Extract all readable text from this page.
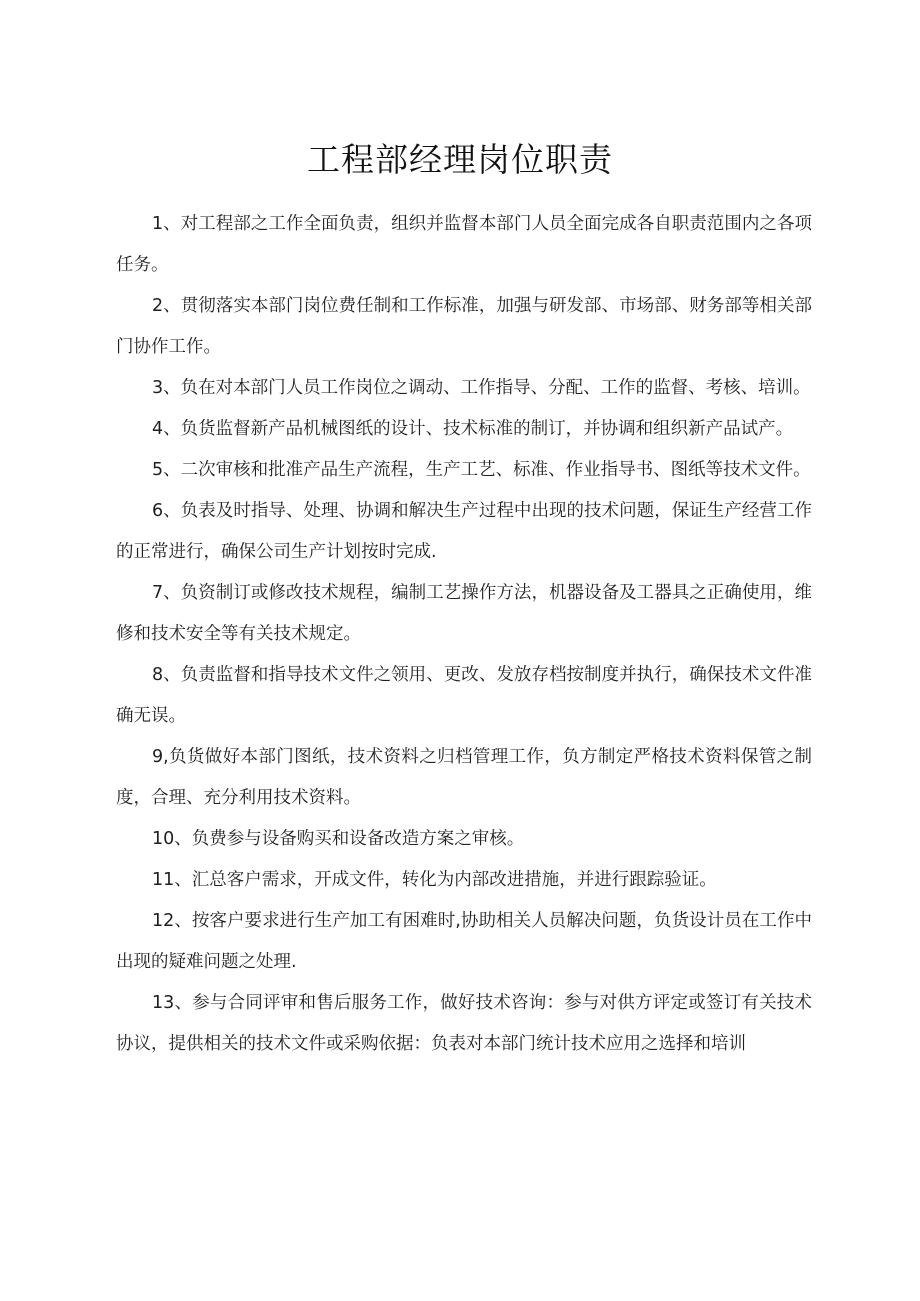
工程部经理岗位职责

1、对工程部之工作全面负责，组织并监督本部门人员全面完成各自职责范围内之各项任务。

2、贯彻落实本部门岗位费任制和工作标准，加强与研发部、市场部、财务部等相关部门协作工作。

3、负在对本部门人员工作岗位之调动、工作指导、分配、工作的监督、考核、培训。

4、负货监督新产品机械图纸的设计、技术标准的制订，并协调和组织新产品试产。

5、二次审核和批准产品生产流程，生产工艺、标准、作业指导书、图纸等技术文件。

6、负表及时指导、处理、协调和解决生产过程中出现的技术问题，保证生产经营工作的正常进行，确保公司生产计划按时完成.

7、负资制订或修改技术规程，编制工艺操作方法，机器设备及工器具之正确使用，维修和技术安全等有关技术规定。

8、负责监督和指导技术文件之领用、更改、发放存档按制度并执行，确保技术文件准确无误。

9,负货做好本部门图纸，技术资料之归档管理工作，负方制定严格技术资料保管之制度，合理、充分利用技术资料。

10、负费参与设备购买和设备改造方案之审核。

11、汇总客户需求，开成文件，转化为内部改进措施，并进行跟踪验证。

12、按客户要求进行生产加工有困难时,协助相关人员解决问题，负货设计员在工作中出现的疑难问题之处理.

13、参与合同评审和售后服务工作，做好技术咨询：参与对供方评定或签订有关技术协议，提供相关的技术文件或采购依据：负表对本部门统计技术应用之选择和培训
